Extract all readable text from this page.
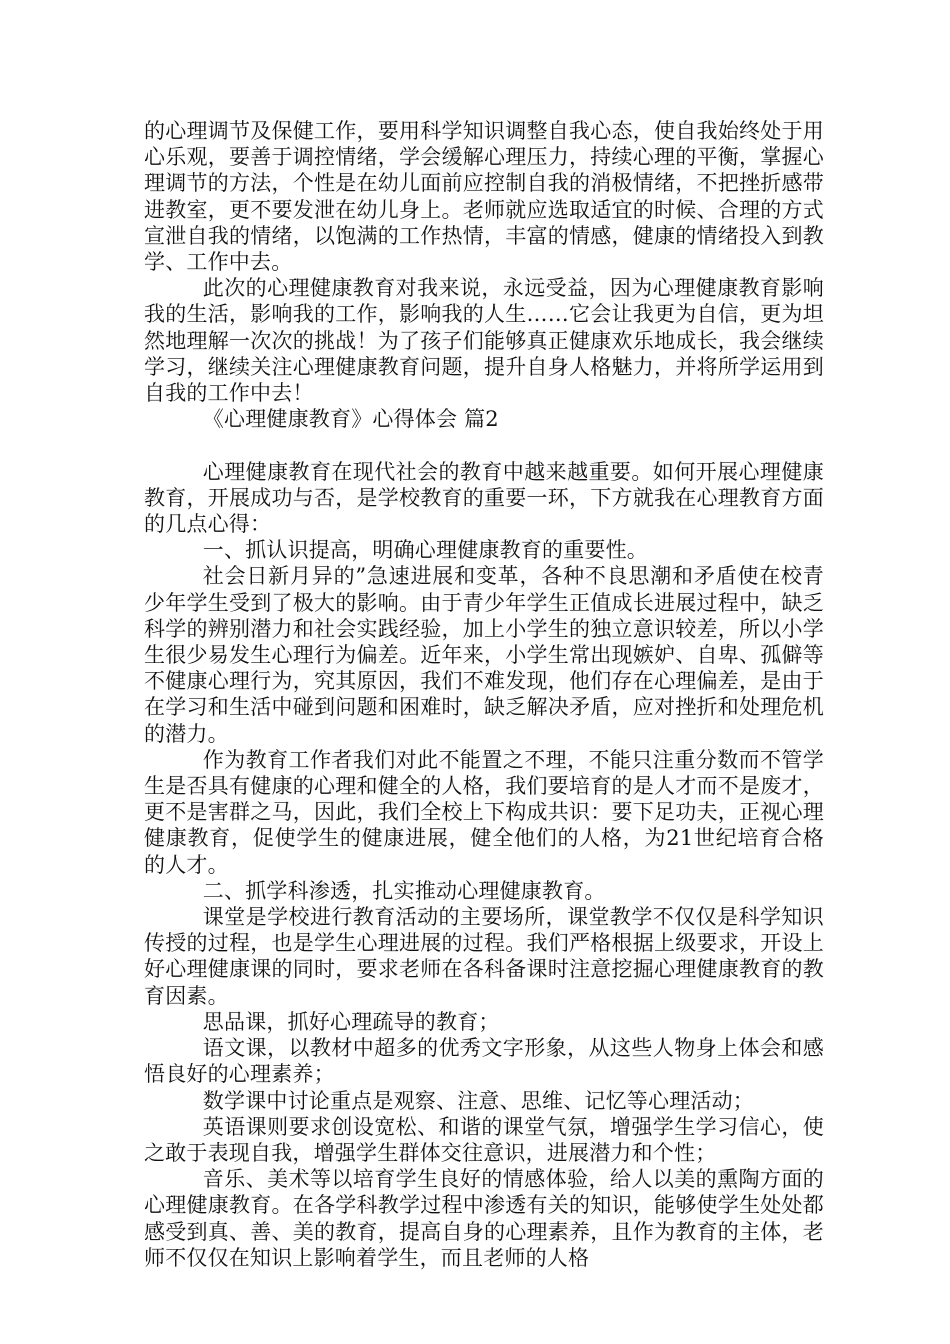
的心理调节及保健工作，要用科学知识调整自我心态，使自我始终处于用心乐观，要善于调控情绪，学会缓解心理压力，持续心理的平衡，掌握心理调节的方法，个性是在幼儿面前应控制自我的消极情绪，不把挫折感带进教室，更不要发泄在幼儿身上。老师就应选取适宜的时候、合理的方式宣泄自我的情绪，以饱满的工作热情，丰富的情感，健康的情绪投入到教学、工作中去。

此次的心理健康教育对我来说，永远受益，因为心理健康教育影响我的生活，影响我的工作，影响我的人生……它会让我更为自信，更为坦然地理解一次次的挑战！为了孩子们能够真正健康欢乐地成长，我会继续学习，继续关注心理健康教育问题，提升自身人格魅力，并将所学运用到自我的工作中去！

《心理健康教育》心得体会 篇2

心理健康教育在现代社会的教育中越来越重要。如何开展心理健康教育，开展成功与否，是学校教育的重要一环，下方就我在心理教育方面的几点心得：

一、抓认识提高，明确心理健康教育的重要性。

社会日新月异的”急速进展和变革，各种不良思潮和矛盾使在校青少年学生受到了极大的影响。由于青少年学生正值成长进展过程中，缺乏科学的辨别潜力和社会实践经验，加上小学生的独立意识较差，所以小学生很少易发生心理行为偏差。近年来，小学生常出现嫉妒、自卑、孤僻等不健康心理行为，究其原因，我们不难发现，他们存在心理偏差，是由于在学习和生活中碰到问题和困难时，缺乏解决矛盾，应对挫折和处理危机的潜力。

作为教育工作者我们对此不能置之不理，不能只注重分数而不管学生是否具有健康的心理和健全的人格，我们要培育的是人才而不是废才，更不是害群之马，因此，我们全校上下构成共识：要下足功夫，正视心理健康教育，促使学生的健康进展，健全他们的人格，为21世纪培育合格的人才。

二、抓学科渗透，扎实推动心理健康教育。

课堂是学校进行教育活动的主要场所，课堂教学不仅仅是科学知识传授的过程，也是学生心理进展的过程。我们严格根据上级要求，开设上好心理健康课的同时，要求老师在各科备课时注意挖掘心理健康教育的教育因素。

思品课，抓好心理疏导的教育；

语文课，以教材中超多的优秀文字形象，从这些人物身上体会和感悟良好的心理素养；

数学课中讨论重点是观察、注意、思维、记忆等心理活动；

英语课则要求创设宽松、和谐的课堂气氛，增强学生学习信心，使之敢于表现自我，增强学生群体交往意识，进展潜力和个性；

音乐、美术等以培育学生良好的情感体验，给人以美的熏陶方面的心理健康教育。在各学科教学过程中渗透有关的知识，能够使学生处处都感受到真、善、美的教育，提高自身的心理素养，且作为教育的主体，老师不仅仅在知识上影响着学生，而且老师的人格
